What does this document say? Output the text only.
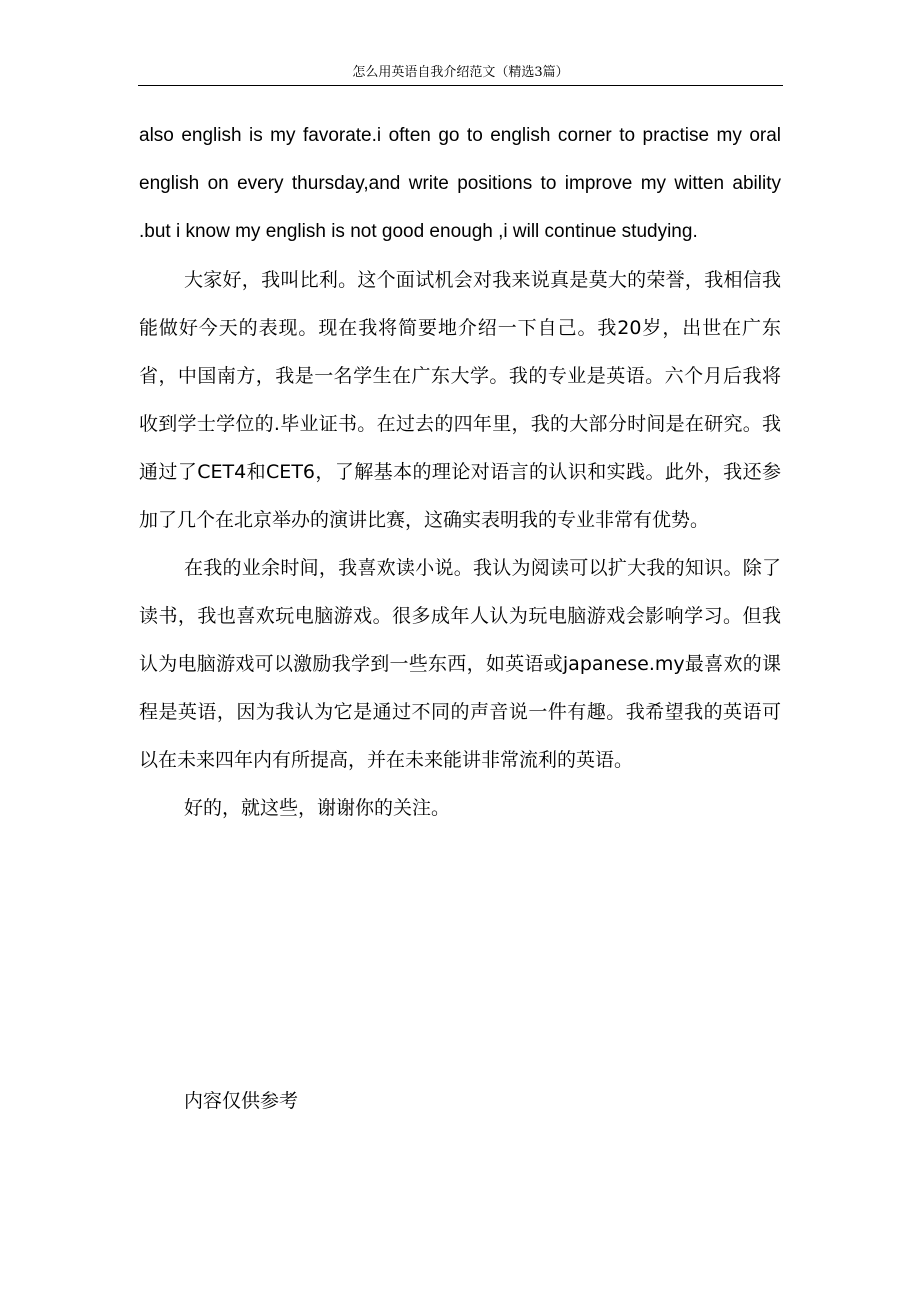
怎么用英语自我介绍范文（精选3篇）

also english is my favorate.i often go to english corner to practise my oral english on every thursday,and write positions to improve my witten ability .but i know my english is not good enough ,i will continue studying.

大家好，我叫比利。这个面试机会对我来说真是莫大的荣誉，我相信我能做好今天的表现。现在我将简要地介绍一下自己。我20岁，出世在广东省，中国南方，我是一名学生在广东大学。我的专业是英语。六个月后我将收到学士学位的.毕业证书。在过去的四年里，我的大部分时间是在研究。我通过了CET4和CET6，了解基本的理论对语言的认识和实践。此外，我还参加了几个在北京举办的演讲比赛，这确实表明我的专业非常有优势。

在我的业余时间，我喜欢读小说。我认为阅读可以扩大我的知识。除了读书，我也喜欢玩电脑游戏。很多成年人认为玩电脑游戏会影响学习。但我认为电脑游戏可以激励我学到一些东西，如英语或japanese.my最喜欢的课程是英语，因为我认为它是通过不同的声音说一件有趣。我希望我的英语可以在未来四年内有所提高，并在未来能讲非常流利的英语。

好的，就这些，谢谢你的关注。

内容仅供参考
